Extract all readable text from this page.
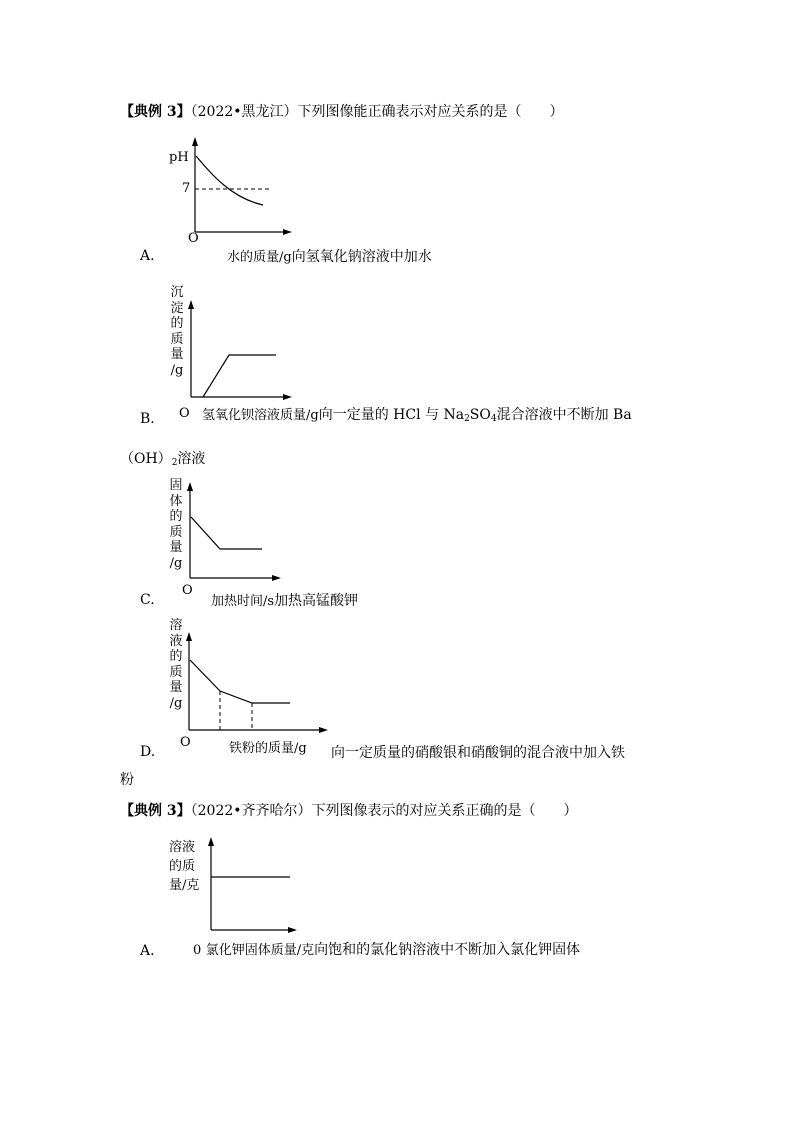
【典例 3】（2022•黑龙江）下列图像能正确表示对应关系的是（　　）
pH
7
O
A.	水的质量/g向氢氧化钠溶液中加水
沉
淀
的
质
量
/g
O
B.	氢氧化钡溶液质量/g向一定量的 HCl 与 $Na_2SO_4$混合溶液中不断加 Ba
$(OH)_2$溶液
固
体
的
质
量
/g
O
C.	加热时间/s加热高锰酸钾
溶
液
的
质
量
/g
O
D.	铁粉的质量/g 向一定质量的硝酸银和硝酸铜的混合液中加入铁
粉
【典例 3】（2022•齐齐哈尔）下列图像表示的对应关系正确的是（　　）
溶液
的质
量/克
A.	0 氯化钾固体质量/克向饱和的氯化钠溶液中不断加入氯化钾固体
